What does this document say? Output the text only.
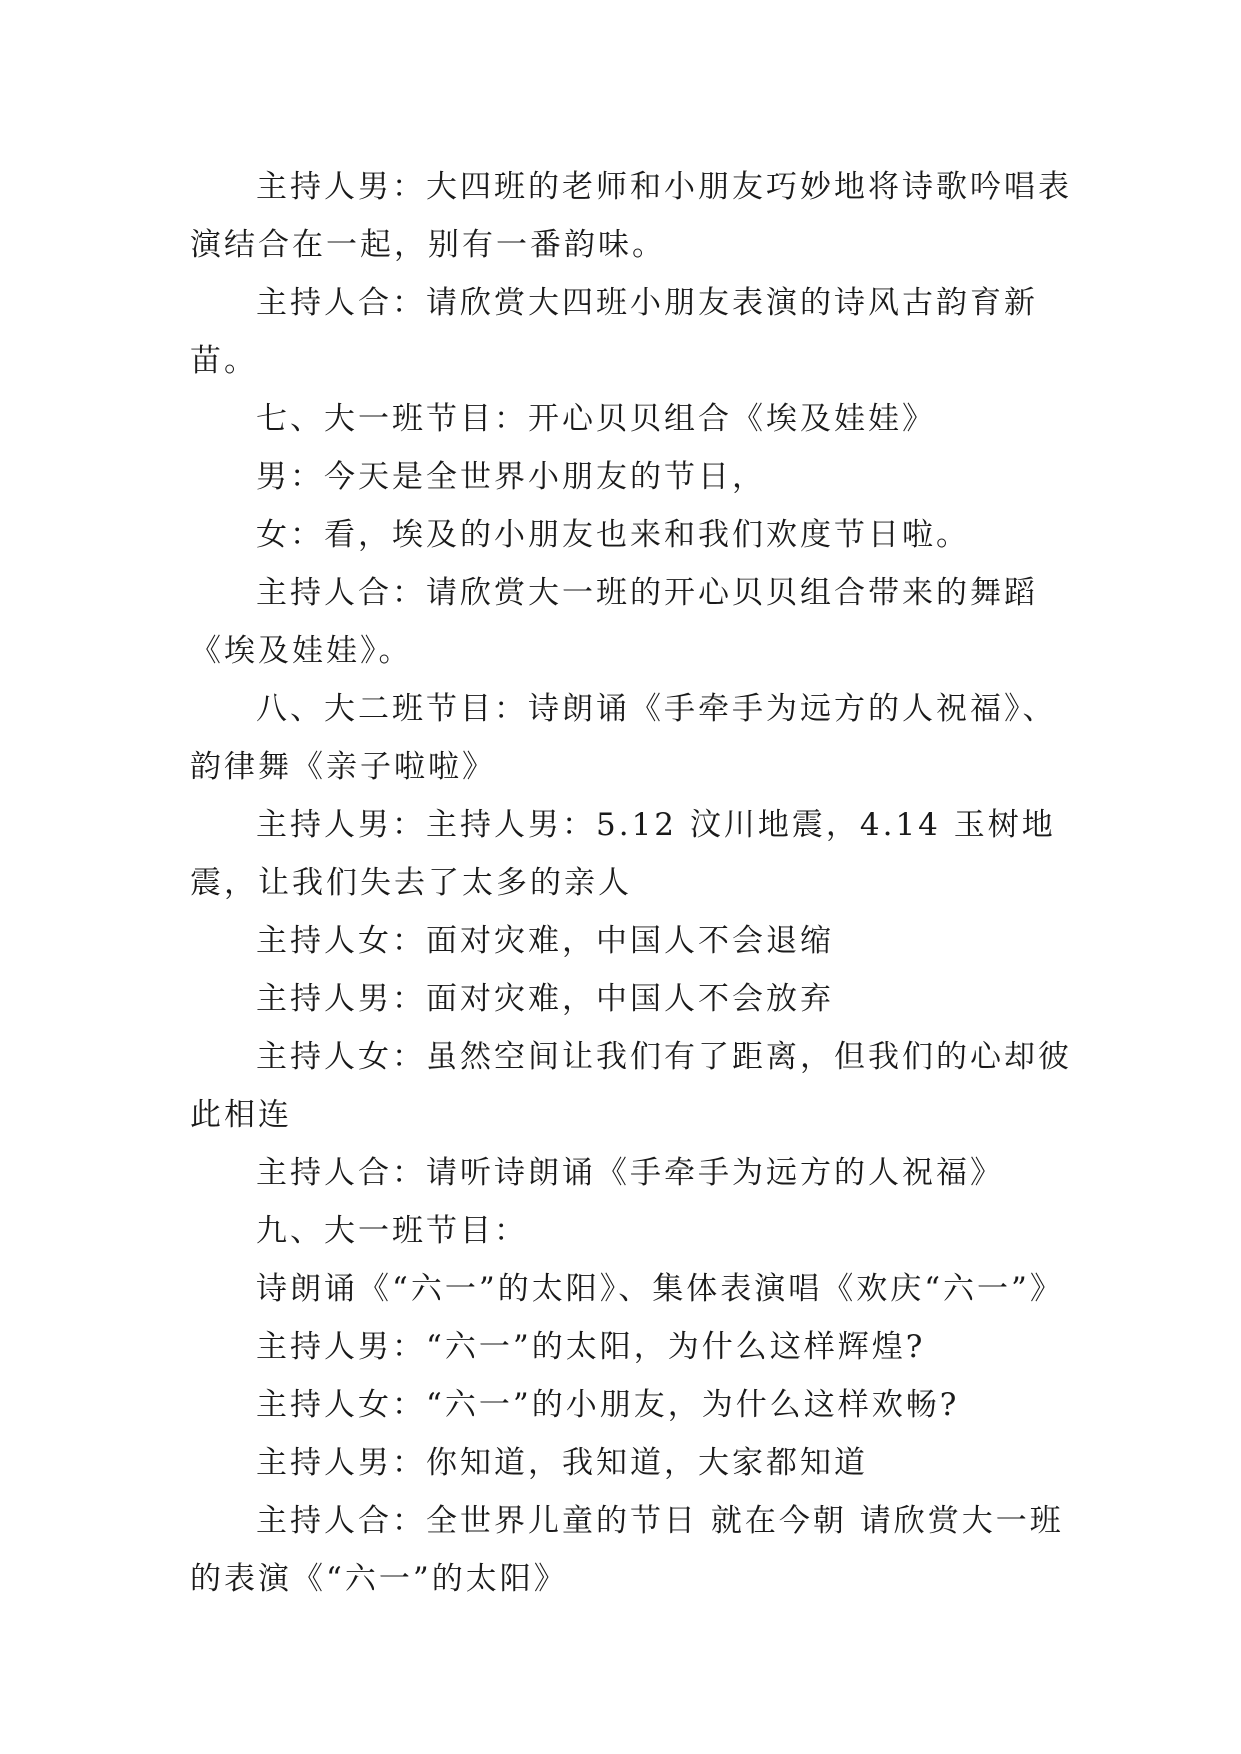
主持人男：大四班的老师和小朋友巧妙地将诗歌吟唱表演结合在一起，别有一番韵味。

主持人合：请欣赏大四班小朋友表演的诗风古韵育新苗。

七、大一班节目：开心贝贝组合《埃及娃娃》

男：今天是全世界小朋友的节日，

女：看，埃及的小朋友也来和我们欢度节日啦。

主持人合：请欣赏大一班的开心贝贝组合带来的舞蹈《埃及娃娃》。

八、大二班节目：诗朗诵《手牵手为远方的人祝福》、韵律舞《亲子啦啦》

主持人男：主持人男：5.12 汶川地震，4.14 玉树地震，让我们失去了太多的亲人

主持人女：面对灾难，中国人不会退缩

主持人男：面对灾难，中国人不会放弃

主持人女：虽然空间让我们有了距离，但我们的心却彼此相连

主持人合：请听诗朗诵《手牵手为远方的人祝福》

九、大一班节目：

诗朗诵《“六一”的太阳》、集体表演唱《欢庆“六一”》

主持人男：“六一”的太阳，为什么这样辉煌?

主持人女：“六一”的小朋友，为什么这样欢畅?

主持人男：你知道，我知道，大家都知道

主持人合：全世界儿童的节日 就在今朝 请欣赏大一班的表演《“六一”的太阳》
